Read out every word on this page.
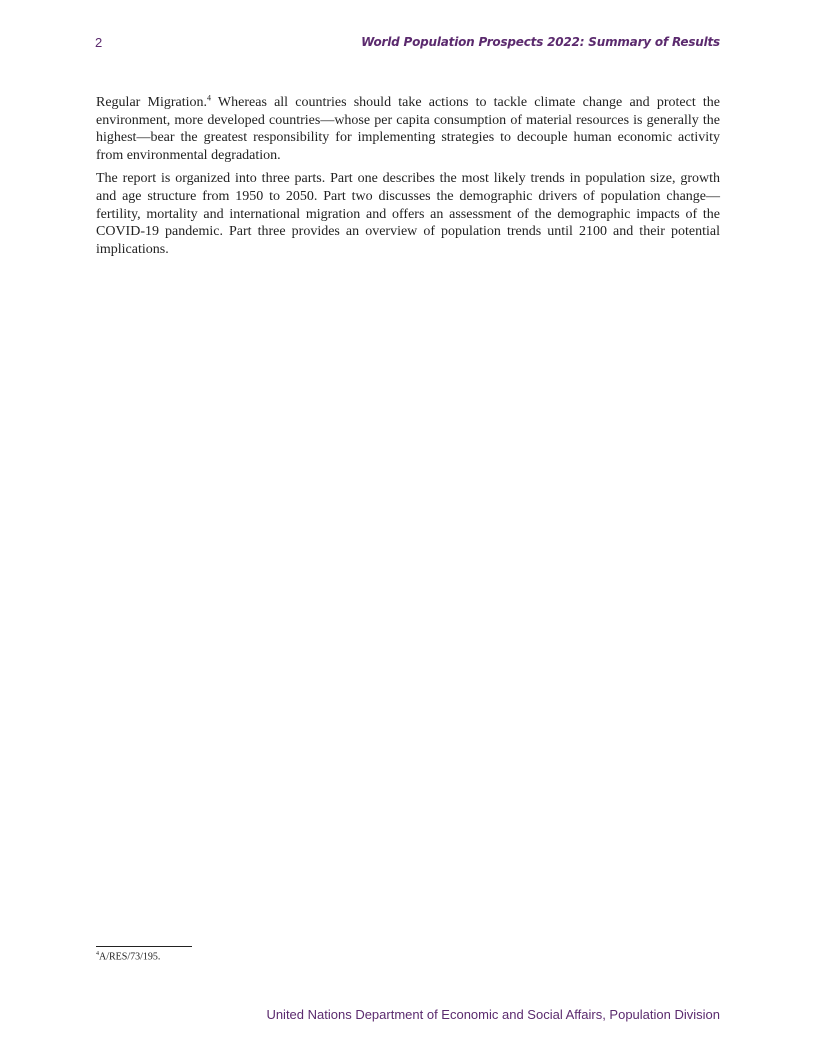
2	World Population Prospects 2022: Summary of Results

Regular Migration.$^4$ Whereas all countries should take actions to tackle climate change and protect the environment, more developed countries—whose per capita consumption of material resources is generally the highest—bear the greatest responsibility for implementing strategies to decouple human economic activity from environmental degradation.

The report is organized into three parts. Part one describes the most likely trends in population size, growth and age structure from 1950 to 2050. Part two discusses the demographic drivers of population change—fertility, mortality and international migration and offers an assessment of the demographic impacts of the COVID-19 pandemic. Part three provides an overview of population trends until 2100 and their potential implications.

$^4$A/RES/73/195.
United Nations Department of Economic and Social Affairs, Population Division
